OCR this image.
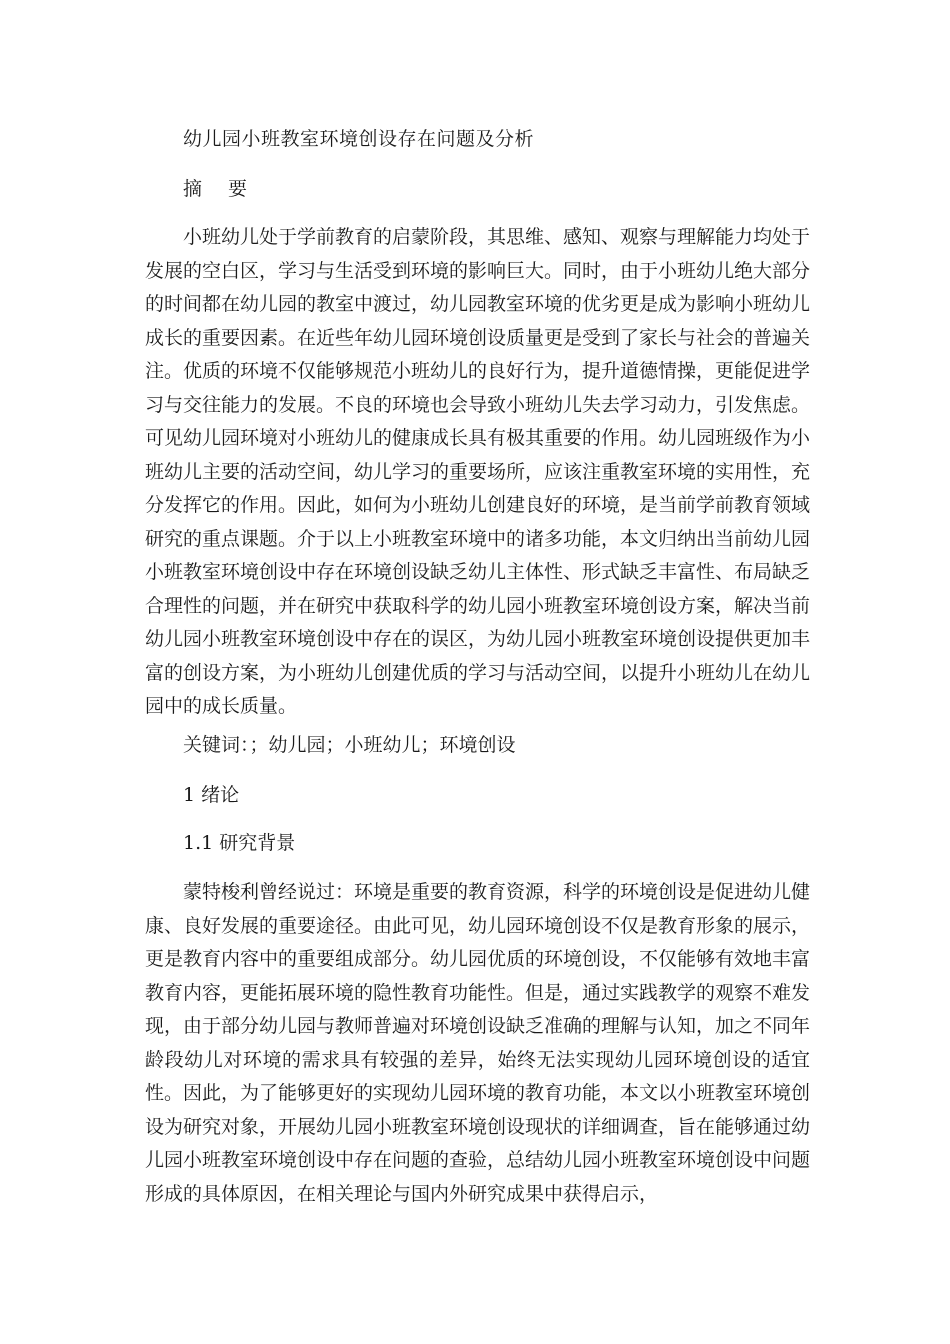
幼儿园小班教室环境创设存在问题及分析

摘 要

小班幼儿处于学前教育的启蒙阶段，其思维、感知、观察与理解能力均处于发展的空白区，学习与生活受到环境的影响巨大。同时，由于小班幼儿绝大部分的时间都在幼儿园的教室中渡过，幼儿园教室环境的优劣更是成为影响小班幼儿成长的重要因素。在近些年幼儿园环境创设质量更是受到了家长与社会的普遍关注。优质的环境不仅能够规范小班幼儿的良好行为，提升道德情操，更能促进学习与交往能力的发展。不良的环境也会导致小班幼儿失去学习动力，引发焦虑。可见幼儿园环境对小班幼儿的健康成长具有极其重要的作用。幼儿园班级作为小班幼儿主要的活动空间，幼儿学习的重要场所，应该注重教室环境的实用性，充分发挥它的作用。因此，如何为小班幼儿创建良好的环境，是当前学前教育领域研究的重点课题。介于以上小班教室环境中的诸多功能，本文归纳出当前幼儿园小班教室环境创设中存在环境创设缺乏幼儿主体性、形式缺乏丰富性、布局缺乏合理性的问题，并在研究中获取科学的幼儿园小班教室环境创设方案，解决当前幼儿园小班教室环境创设中存在的误区，为幼儿园小班教室环境创设提供更加丰富的创设方案，为小班幼儿创建优质的学习与活动空间，以提升小班幼儿在幼儿园中的成长质量。

关键词：；幼儿园；小班幼儿；环境创设

1 绪论

1.1 研究背景

蒙特梭利曾经说过：环境是重要的教育资源，科学的环境创设是促进幼儿健康、良好发展的重要途径。由此可见，幼儿园环境创设不仅是教育形象的展示，更是教育内容中的重要组成部分。幼儿园优质的环境创设，不仅能够有效地丰富教育内容，更能拓展环境的隐性教育功能性。但是，通过实践教学的观察不难发现，由于部分幼儿园与教师普遍对环境创设缺乏准确的理解与认知，加之不同年龄段幼儿对环境的需求具有较强的差异，始终无法实现幼儿园环境创设的适宜性。因此，为了能够更好的实现幼儿园环境的教育功能，本文以小班教室环境创设为研究对象，开展幼儿园小班教室环境创设现状的详细调查，旨在能够通过幼儿园小班教室环境创设中存在问题的查验，总结幼儿园小班教室环境创设中问题形成的具体原因，在相关理论与国内外研究成果中获得启示，
